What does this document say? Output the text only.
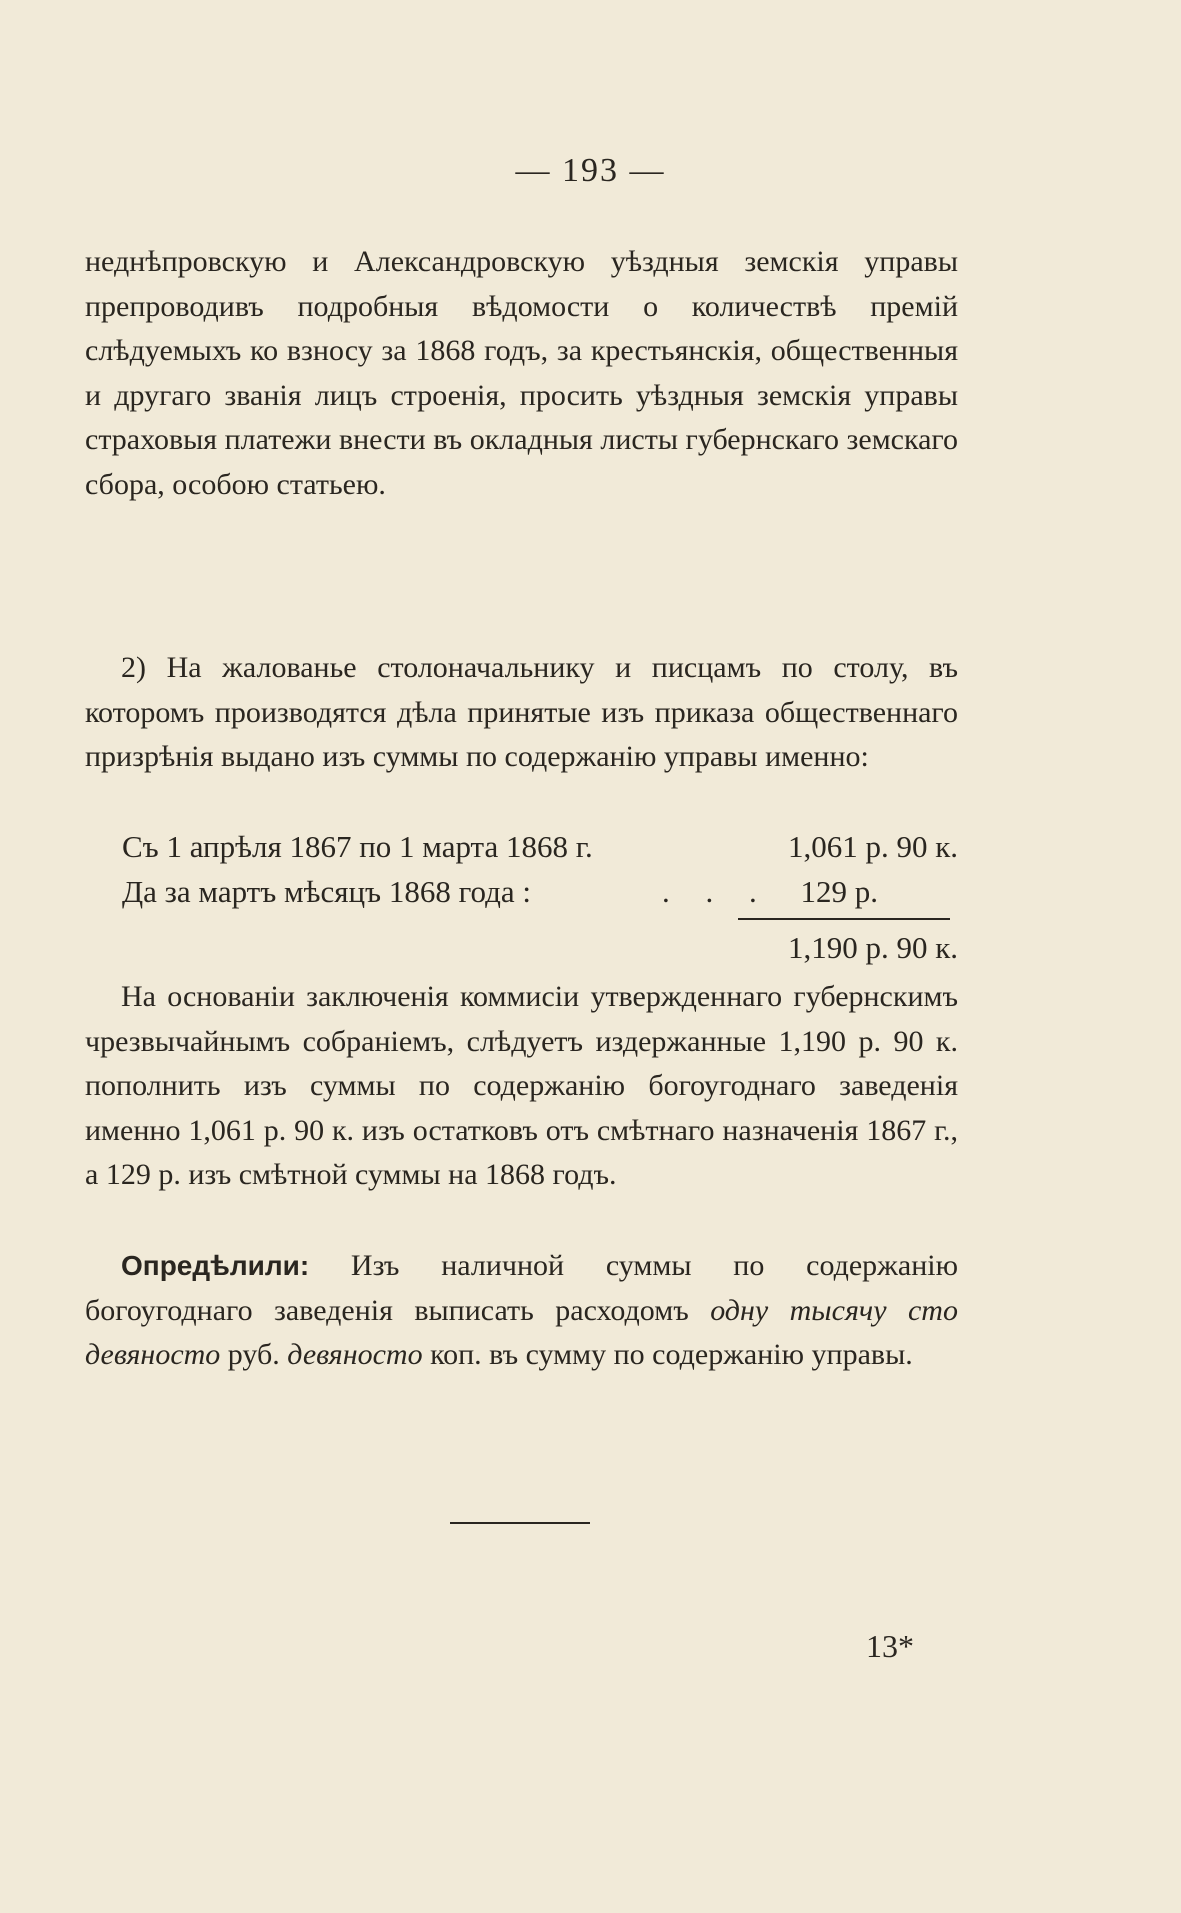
— 193 —

неднѣпровскую и Александровскую уѣздныя земскія управы препроводивъ подробныя вѣдомости о количествѣ премій слѣдуемыхъ ко взносу за 1868 годъ, за крестьянскія, общественныя и другаго званія лицъ строенія, просить уѣздныя земскія управы страховыя платежи внести въ окладныя листы губернскаго земскаго сбора, особою статьею.

2) На жалованье столоначальнику и писцамъ по столу, въ которомъ производятся дѣла принятые изъ приказа общественнаго призрѣнія выдано изъ суммы по содержанію управы именно:

Съ 1 апрѣля 1867 по 1 марта 1868 г.	1,061 р. 90 к.
Да за мартъ мѣсяцъ 1868 года :	. . . 129 р.
1,190 р. 90 к.

На основаніи заключенія коммисіи утвержденнаго губернскимъ чрезвычайнымъ собраніемъ, слѣдуетъ издержанные 1,190 р. 90 к. пополнить изъ суммы по содержанію богоугоднаго заведенія именно 1,061 р. 90 к. изъ остатковъ отъ смѣтнаго назначенія 1867 г., а 129 р. изъ смѣтной суммы на 1868 годъ.

Опредѣлили: Изъ наличной суммы по содержанію богоугоднаго заведенія выписать расходомъ одну тысячу сто девяносто руб. девяносто коп. въ сумму по содержанію управы.

13*
